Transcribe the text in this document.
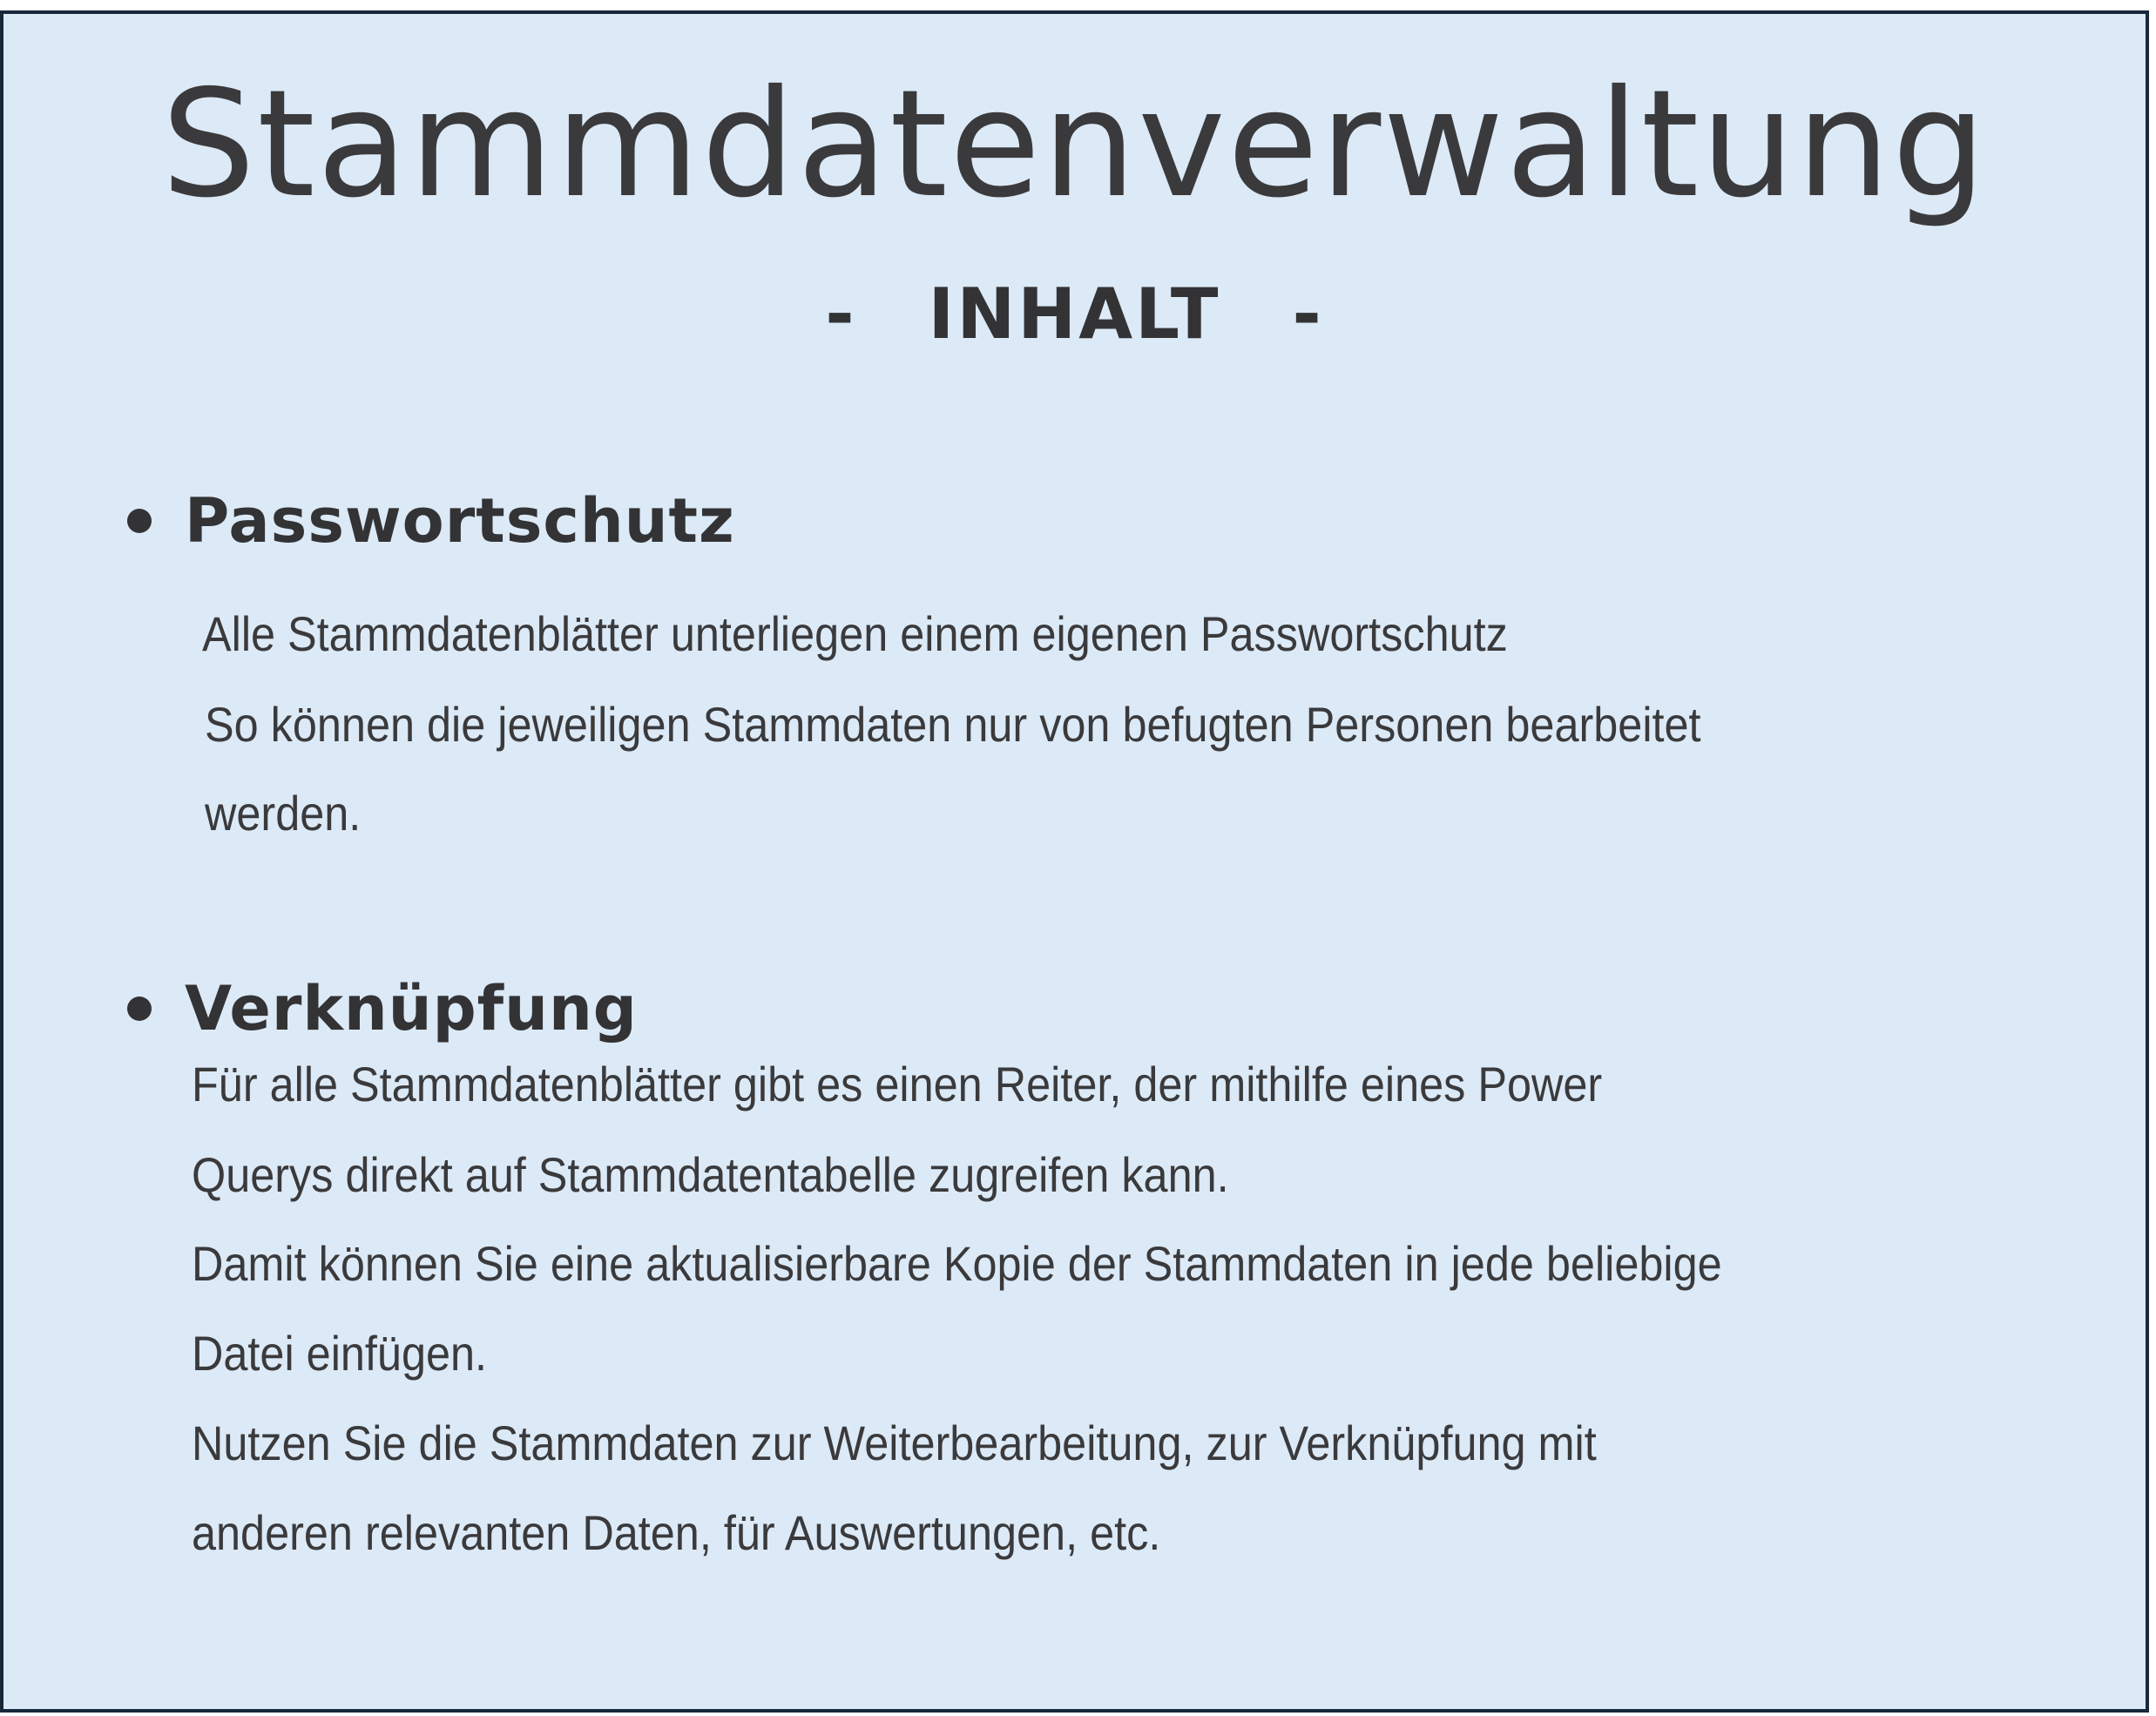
Stammdatenverwaltung
- INHALT -
Passwortschutz
Alle Stammdatenblätter unterliegen einem eigenen Passwortschutz
So können die jeweiligen Stammdaten nur von befugten Personen bearbeitet
werden.
Verknüpfung
Für alle Stammdatenblätter gibt es einen Reiter, der mithilfe eines Power
Querys direkt auf Stammdatentabelle zugreifen kann.
Damit können Sie eine aktualisierbare Kopie der Stammdaten in jede beliebige
Datei einfügen.
Nutzen Sie die Stammdaten zur Weiterbearbeitung, zur Verknüpfung mit
anderen relevanten Daten, für Auswertungen, etc.
